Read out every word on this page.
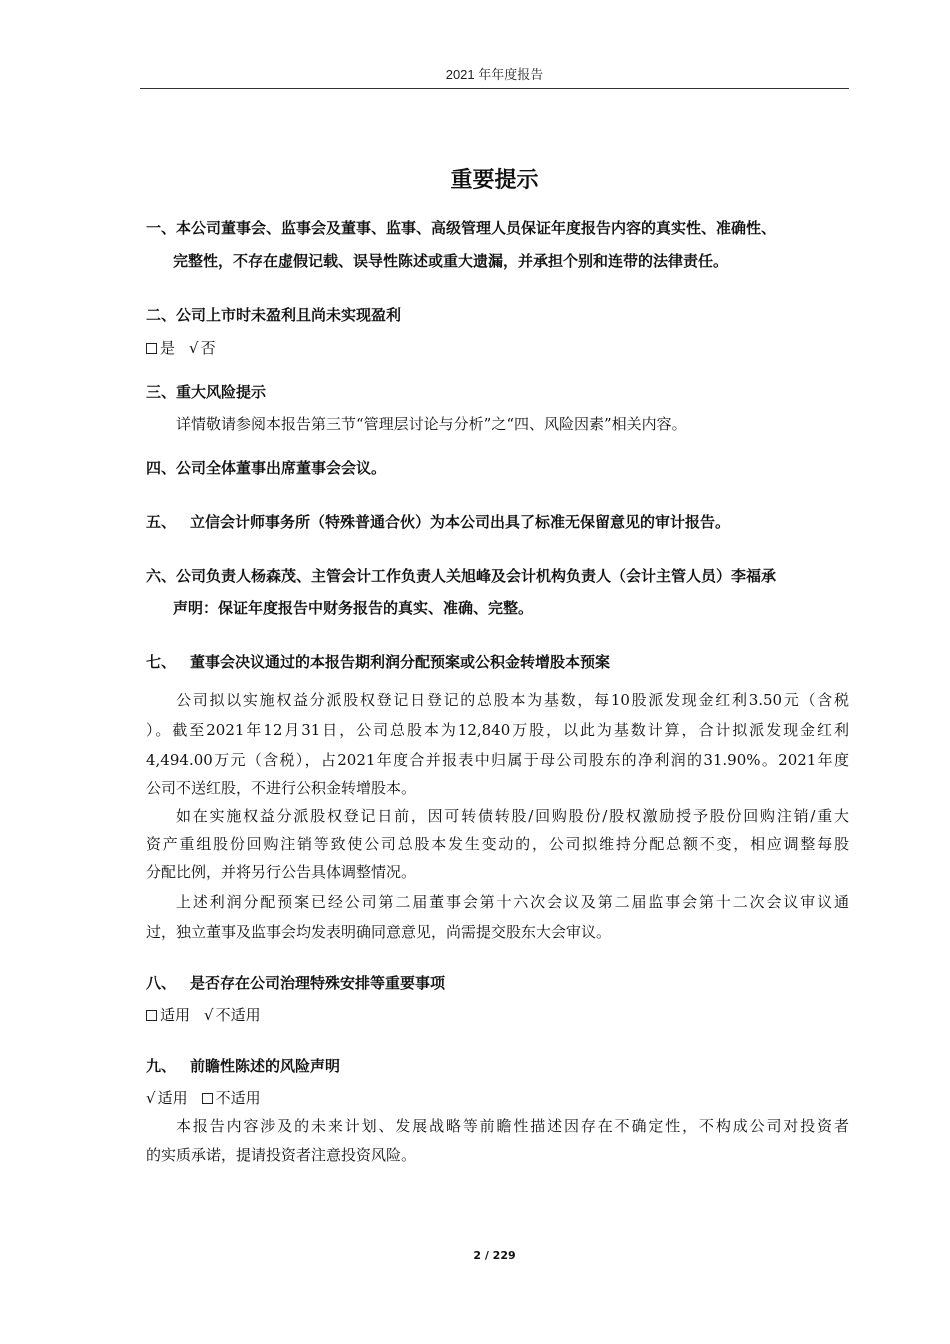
2021 年年度报告
重要提示
一、本公司董事会、监事会及董事、监事、高级管理人员保证年度报告内容的真实性、准确性、
完整性，不存在虚假记载、误导性陈述或重大遗漏，并承担个别和连带的法律责任。
二、公司上市时未盈利且尚未实现盈利
是 √ 否
三、重大风险提示
详情敬请参阅本报告第三节“管理层讨论与分析”之“四、风险因素”相关内容。
四、公司全体董事出席董事会会议。
五、 立信会计师事务所（特殊普通合伙）为本公司出具了标准无保留意见的审计报告。
六、公司负责人杨森茂、主管会计工作负责人关旭峰及会计机构负责人（会计主管人员）李福承
声明：保证年度报告中财务报告的真实、准确、完整。
七、 董事会决议通过的本报告期利润分配预案或公积金转增股本预案
公司拟以实施权益分派股权登记日登记的总股本为基数，每10股派发现金红利3.50元（含税
）。截至2021年12月31日，公司总股本为12,840万股，以此为基数计算，合计拟派发现金红利
4,494.00万元（含税），占2021年度合并报表中归属于母公司股东的净利润的31.90%。2021年度
公司不送红股，不进行公积金转增股本。
如在实施权益分派股权登记日前，因可转债转股/回购股份/股权激励授予股份回购注销/重大
资产重组股份回购注销等致使公司总股本发生变动的，公司拟维持分配总额不变，相应调整每股
分配比例，并将另行公告具体调整情况。
上述利润分配预案已经公司第二届董事会第十六次会议及第二届监事会第十二次会议审议通
过，独立董事及监事会均发表明确同意意见，尚需提交股东大会审议。
八、 是否存在公司治理特殊安排等重要事项
适用 √ 不适用
九、 前瞻性陈述的风险声明
√ 适用 不适用
本报告内容涉及的未来计划、发展战略等前瞻性描述因存在不确定性，不构成公司对投资者
的实质承诺，提请投资者注意投资风险。
2 / 229
